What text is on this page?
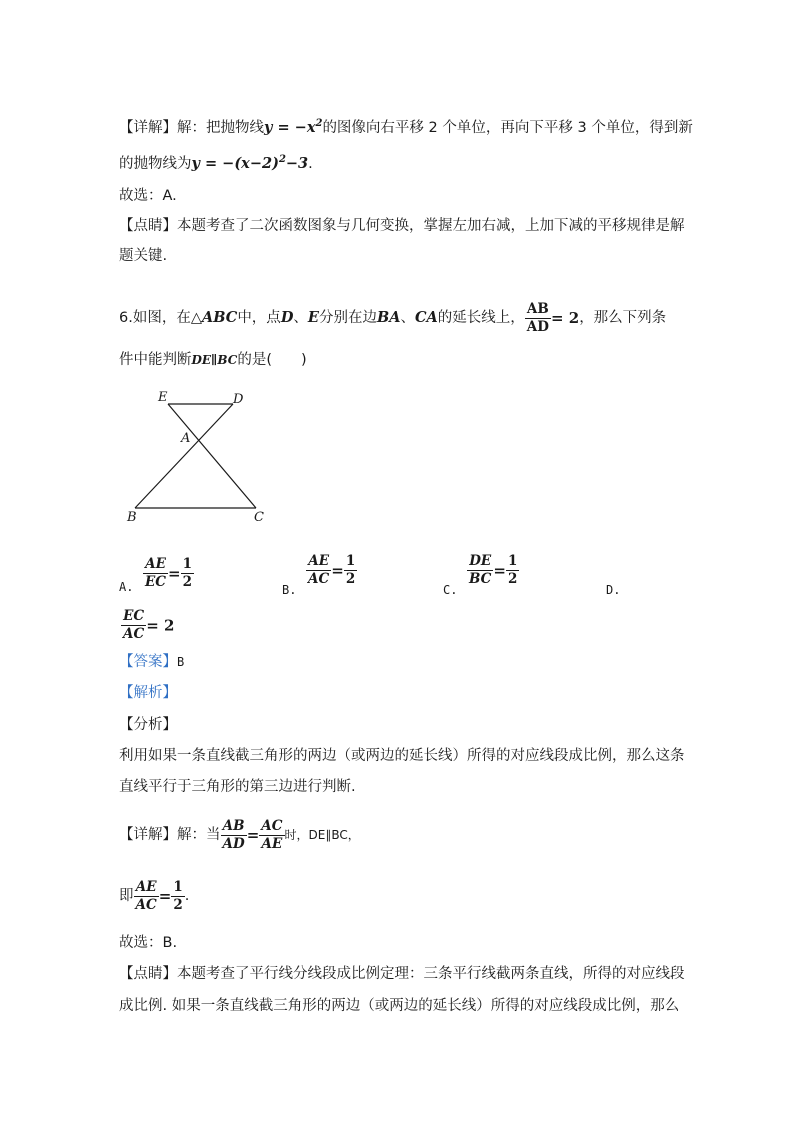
【详解】解：把抛物线$y = -x^2$的图像向右平移 2 个单位，再向下平移 3 个单位，得到新
的抛物线为$y = -(x-2)^2-3$.
故选：A.
【点睛】本题考查了二次函数图象与几何变换，掌握左加右减，上加下减的平移规律是解
题关键.
6.如图，在△ABC中，点D、E分别在边BA、CA的延长线上， $\frac{AB}{AD} = 2$，那么下列条
件中能判断DE∥BC的是(　　)
E	D
A
B	C
A. $\frac{AE}{EC} = \frac{1}{2}$	B.
$\frac{AE}{AC} = \frac{1}{2}$
C.
$\frac{DE}{BC} = \frac{1}{2}$
D.
$\frac{EC}{AC} = 2$
【答案】B
【解析】
【分析】
利用如果一条直线截三角形的两边（或两边的延长线）所得的对应线段成比例，那么这条
直线平行于三角形的第三边进行判断.
【详解】解：当 $\frac{AB}{AD} = \frac{AC}{AE}$ 时，DE∥BC，
即 $\frac{AE}{AC} = \frac{1}{2}$ .
故选：B.
【点睛】本题考查了平行线分线段成比例定理：三条平行线截两条直线，所得的对应线段
成比例. 如果一条直线截三角形的两边（或两边的延长线）所得的对应线段成比例，那么
